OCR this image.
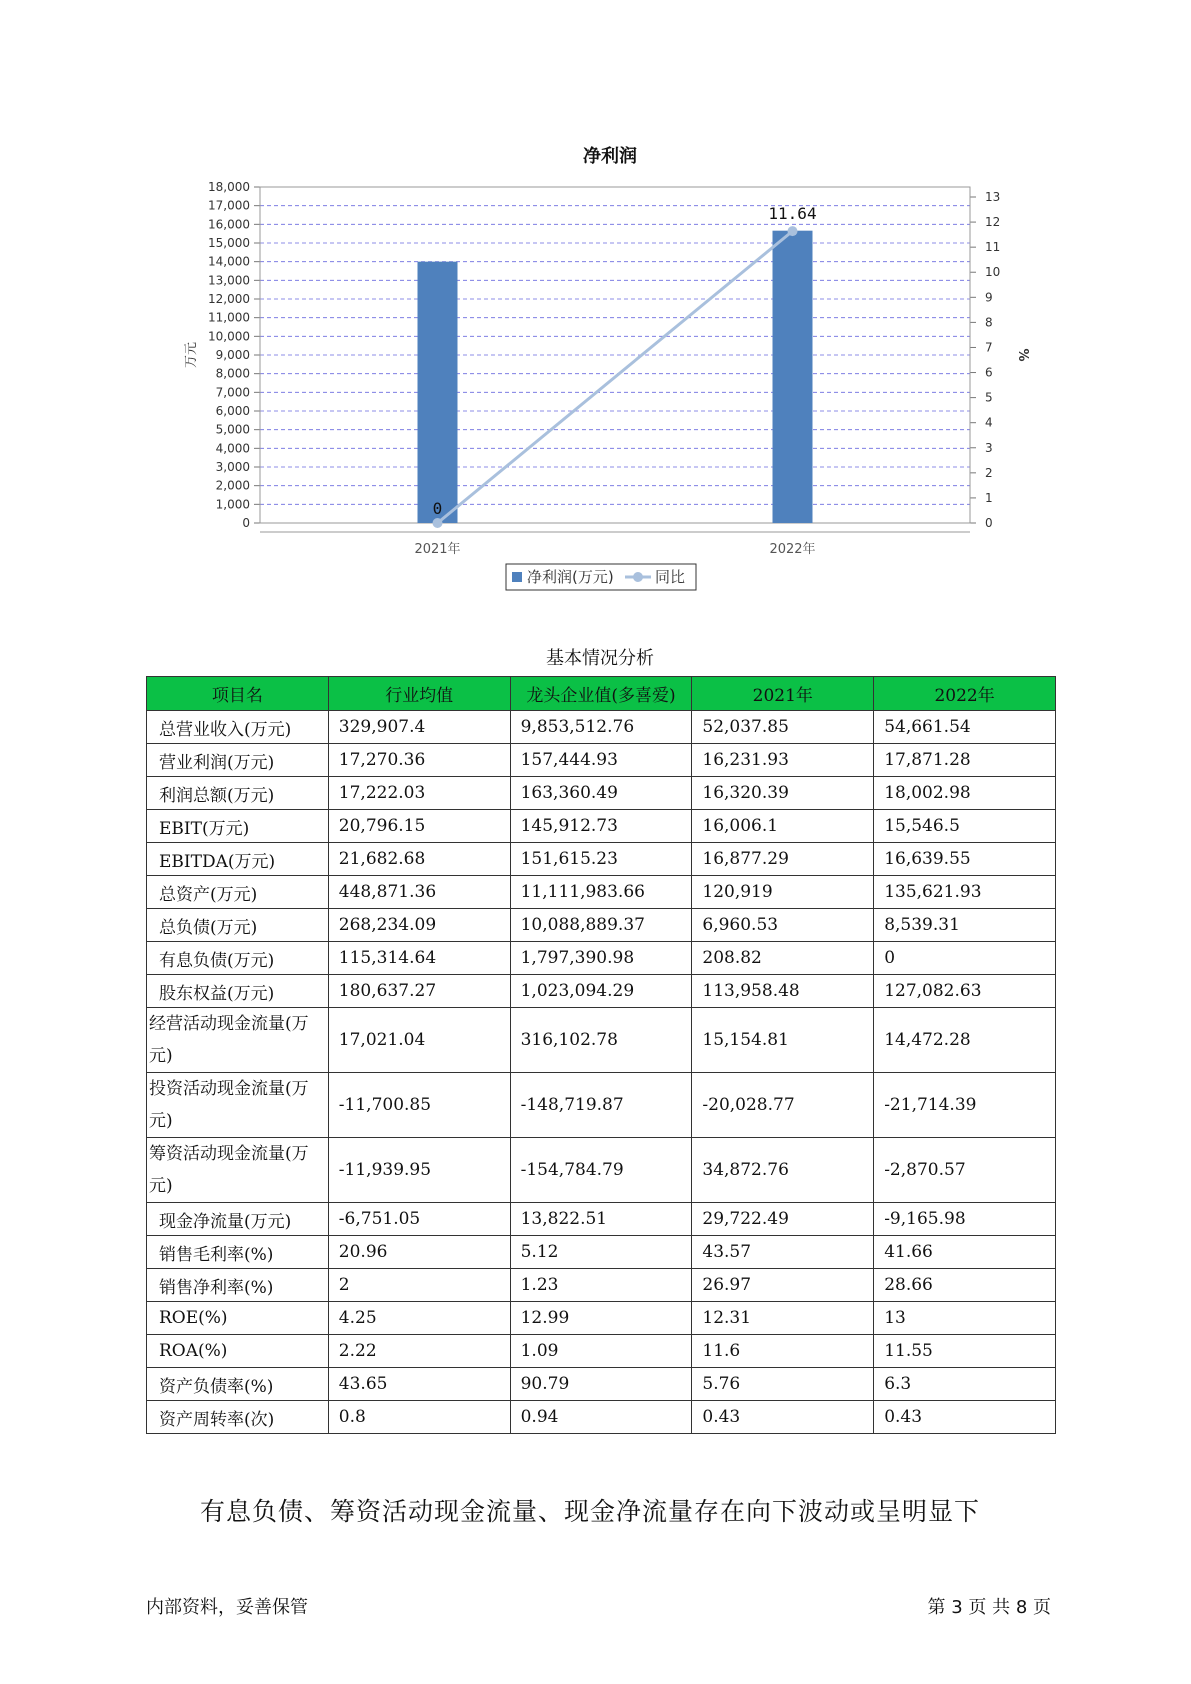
净利润
0
1,000
2,000
3,000
4,000
5,000
6,000
7,000
8,000
9,000
10,000
11,000
12,000
13,000
14,000
15,000
16,000
17,000
18,000
0
1
2
3
4
5
6
7
8
9
10
11
12
13
万元	%
2021年	2022年
0
11.64
净利润(万元)	同比
基本情况分析
项目名	行业均值	龙头企业值(多喜爱)	2021年	2022年
总营业收入(万元)	329,907.4	9,853,512.76	52,037.85	54,661.54
营业利润(万元)	17,270.36	157,444.93	16,231.93	17,871.28
利润总额(万元)	17,222.03	163,360.49	16,320.39	18,002.98
EBIT(万元)	20,796.15	145,912.73	16,006.1	15,546.5
EBITDA(万元)	21,682.68	151,615.23	16,877.29	16,639.55
总资产(万元)	448,871.36	11,111,983.66	120,919	135,621.93
总负债(万元)	268,234.09	10,088,889.37	6,960.53	8,539.31
有息负债(万元)	115,314.64	1,797,390.98	208.82	0
股东权益(万元)	180,637.27	1,023,094.29	113,958.48	127,082.63
经营活动现金流量(万元)	17,021.04	316,102.78	15,154.81	14,472.28
投资活动现金流量(万元)	-11,700.85	-148,719.87	-20,028.77	-21,714.39
筹资活动现金流量(万元)	-11,939.95	-154,784.79	34,872.76	-2,870.57
现金净流量(万元)	-6,751.05	13,822.51	29,722.49	-9,165.98
销售毛利率(%)	20.96	5.12	43.57	41.66
销售净利率(%)	2	1.23	26.97	28.66
ROE(%)	4.25	12.99	12.31	13
ROA(%)	2.22	1.09	11.6	11.55
资产负债率(%)	43.65	90.79	5.76	6.3
资产周转率(次)	0.8	0.94	0.43	0.43
有息负债、筹资活动现金流量、现金净流量存在向下波动或呈明显下
内部资料，妥善保管	第 3 页 共 8 页
